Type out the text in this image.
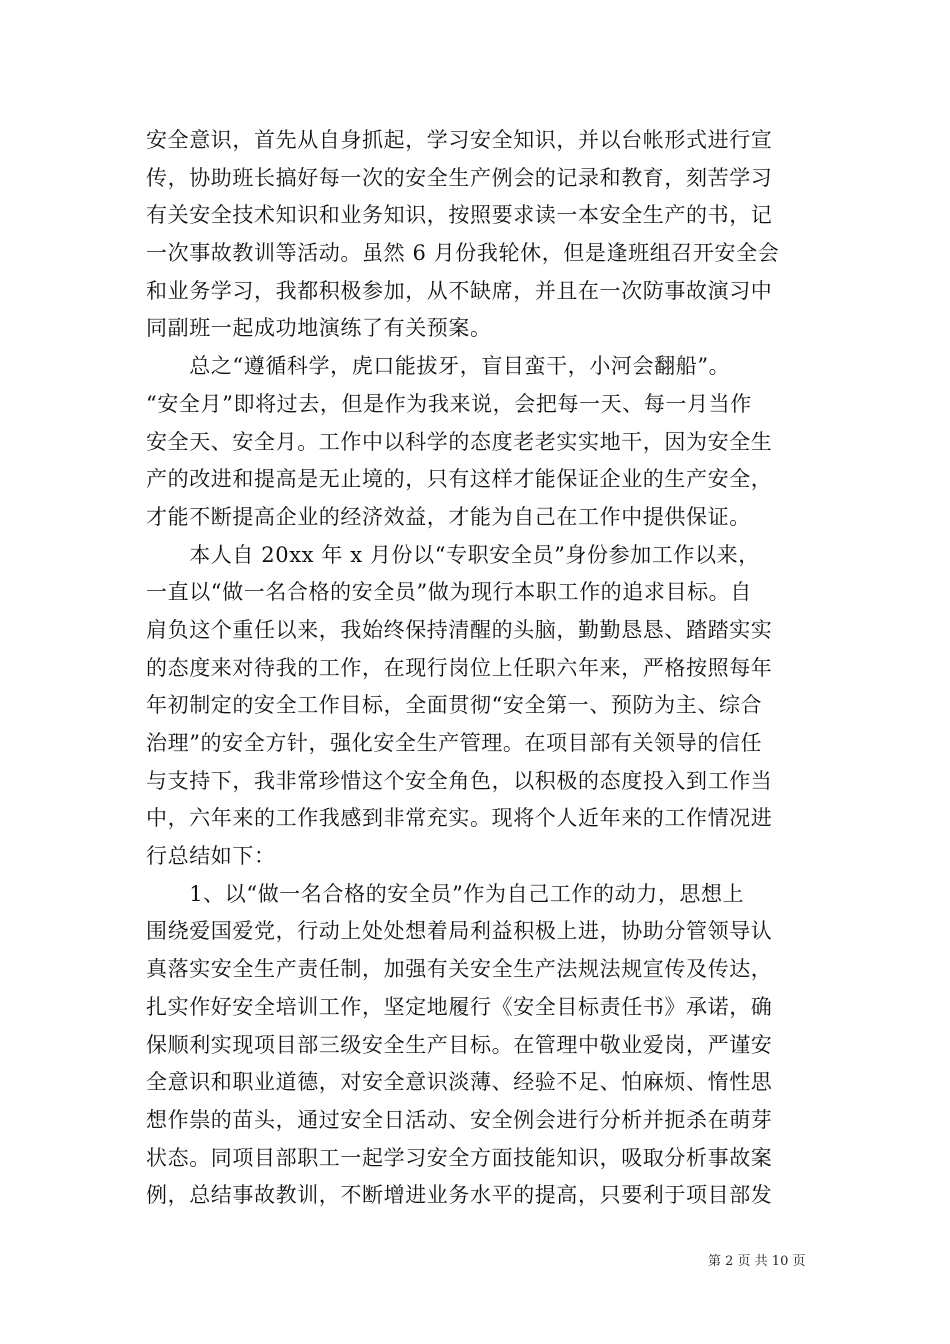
安全意识，首先从自身抓起，学习安全知识，并以台帐形式进行宣
传，协助班长搞好每一次的安全生产例会的记录和教育，刻苦学习
有关安全技术知识和业务知识，按照要求读一本安全生产的书，记
一次事故教训等活动。虽然 6 月份我轮休，但是逢班组召开安全会
和业务学习，我都积极参加，从不缺席，并且在一次防事故演习中
同副班一起成功地演练了有关预案。
　　总之“遵循科学，虎口能拔牙，盲目蛮干，小河会翻船”。
“安全月”即将过去，但是作为我来说，会把每一天、每一月当作
安全天、安全月。工作中以科学的态度老老实实地干，因为安全生
产的改进和提高是无止境的，只有这样才能保证企业的生产安全，
才能不断提高企业的经济效益，才能为自己在工作中提供保证。
　　本人自 20xx 年 x 月份以“专职安全员”身份参加工作以来，
一直以“做一名合格的安全员”做为现行本职工作的追求目标。自
肩负这个重任以来，我始终保持清醒的头脑，勤勤恳恳、踏踏实实
的态度来对待我的工作，在现行岗位上任职六年来，严格按照每年
年初制定的安全工作目标，全面贯彻“安全第一、预防为主、综合
治理”的安全方针，强化安全生产管理。在项目部有关领导的信任
与支持下，我非常珍惜这个安全角色，以积极的态度投入到工作当
中，六年来的工作我感到非常充实。现将个人近年来的工作情况进
行总结如下：
　　1、以“做一名合格的安全员”作为自己工作的动力，思想上
围绕爱国爱党，行动上处处想着局利益积极上进，协助分管领导认
真落实安全生产责任制，加强有关安全生产法规法规宣传及传达，
扎实作好安全培训工作，坚定地履行《安全目标责任书》承诺，确
保顺利实现项目部三级安全生产目标。在管理中敬业爱岗，严谨安
全意识和职业道德，对安全意识淡薄、经验不足、怕麻烦、惰性思
想作祟的苗头，通过安全日活动、安全例会进行分析并扼杀在萌芽
状态。同项目部职工一起学习安全方面技能知识，吸取分析事故案
例，总结事故教训，不断增进业务水平的提高，只要利于项目部发
第 2 页 共 10 页
